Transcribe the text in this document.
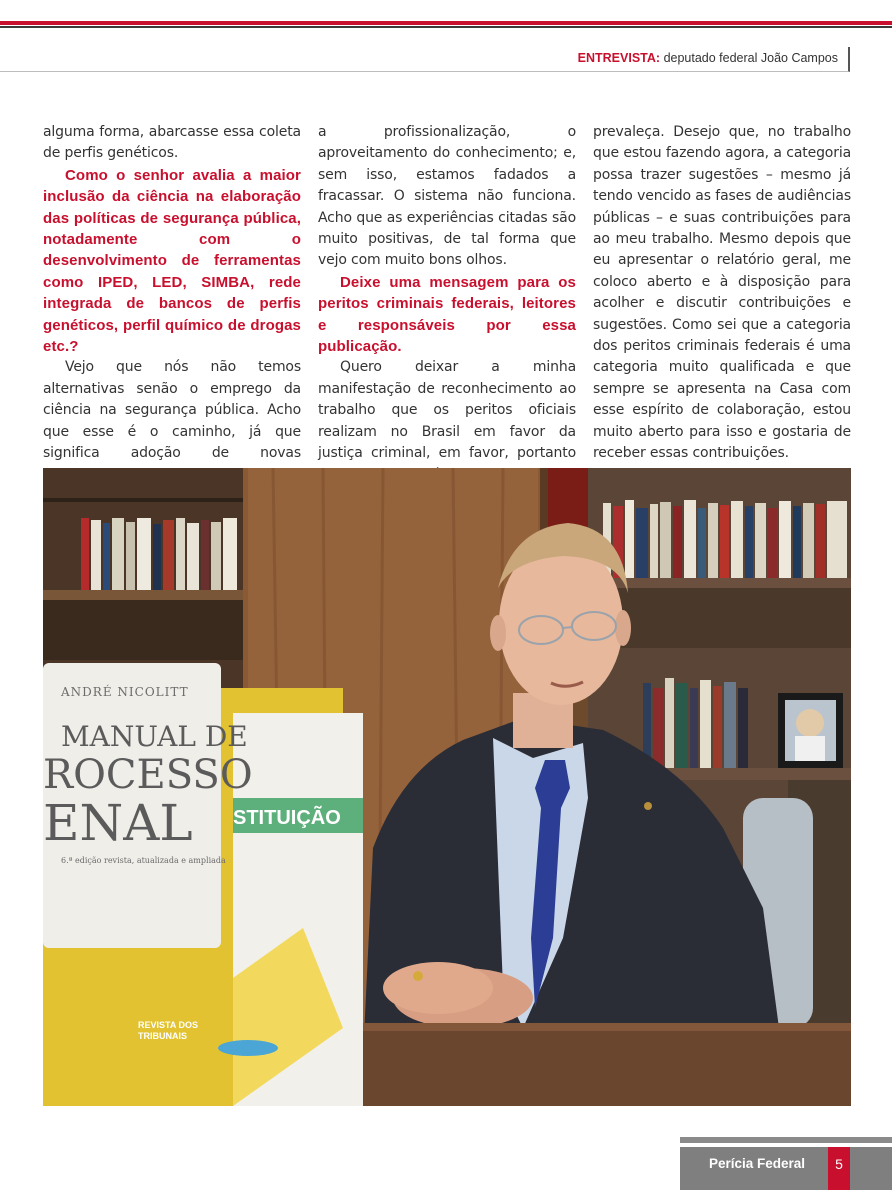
ENTREVISTA: deputado federal João Campos

alguma forma, abarcasse essa coleta de perfis genéticos.

Como o senhor avalia a maior inclusão da ciência na elaboração das políticas de segurança pública, notadamente com o desenvolvimento de ferramentas como IPED, LED, SIMBA, rede integrada de bancos de perfis genéticos, perfil químico de drogas etc.?

Vejo que nós não temos alternativas senão o emprego da ciência na segurança pública. Acho que esse é o caminho, já que significa adoção de novas

a profissionalização, o aproveitamento do conhecimento; e, sem isso, estamos fadados a fracassar. O sistema não funciona. Acho que as experiências citadas são muito positivas, de tal forma que vejo com muito bons olhos.

Deixe uma mensagem para os peritos criminais federais, leitores e responsáveis por essa publicação.

Quero deixar a minha manifestação de reconhecimento ao trabalho que os peritos oficiais realizam no Brasil em favor da justiça criminal, em favor, portanto

prevaleça. Desejo que, no trabalho que estou fazendo agora, a categoria possa trazer sugestões – mesmo já tendo vencido as fases de audiências públicas – e suas contribuições para ao meu trabalho. Mesmo depois que eu apresentar o relatório geral, me coloco aberto e à disposição para acolher e discutir contribuições e sugestões. Como sei que a categoria dos peritos criminais federais é uma categoria muito qualificada e que sempre se apresenta na Casa com esse espírito de colaboração, estou muito aberto para isso e gostaria de receber essas contribuições.

ANDRÉ NICOLITT
MANUAL DE
ROCESSO
ENAL
6.ª edição revista, atualizada e ampliada
STITUIÇÃO
REVISTA DOS
TRIBUNAIS
Perícia Federal	5
